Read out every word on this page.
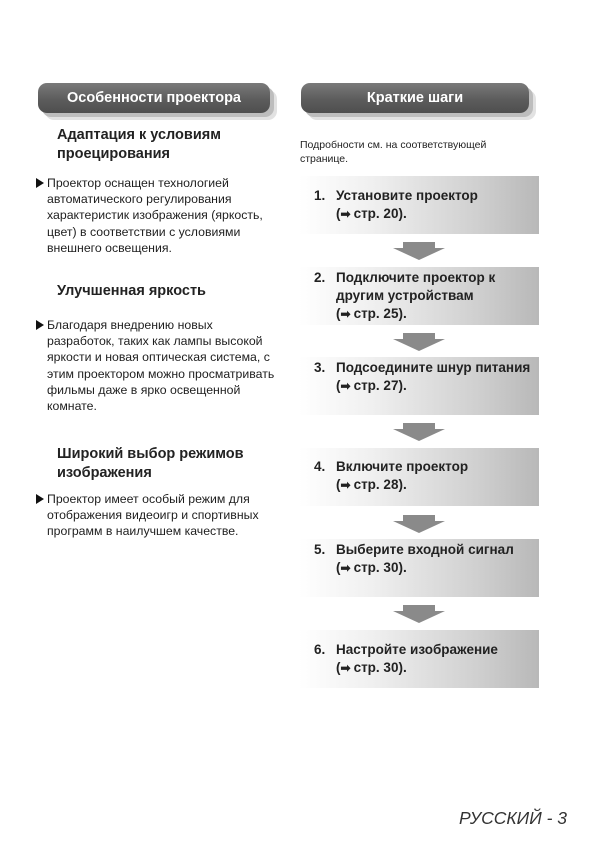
Особенности проектора	Краткие шаги
Адаптация к условиям проецирования
Проектор оснащен технологией автоматического регулирования характеристик изображения (яркость, цвет) в соответствии с условиями внешнего освещения.
Улучшенная яркость
Благодаря внедрению новых разработок, таких как лампы высокой яркости и новая оптическая система, с этим проектором можно просматривать фильмы даже в ярко освещенной комнате.
Широкий выбор режимов изображения
Проектор имеет особый режим для отображения видеоигр и спортивных программ в наилучшем качестве.
Подробности см. на соответствующей странице.
1. Установите проектор
(➡ стр. 20).
2. Подключите проектор к другим устройствам
(➡ стр. 25).
3. Подсоедините шнур питания
(➡ стр. 27).
4. Включите проектор
(➡ стр. 28).
5. Выберите входной сигнал
(➡ стр. 30).
6. Настройте изображение
(➡ стр. 30).
РУССКИЙ - 3
